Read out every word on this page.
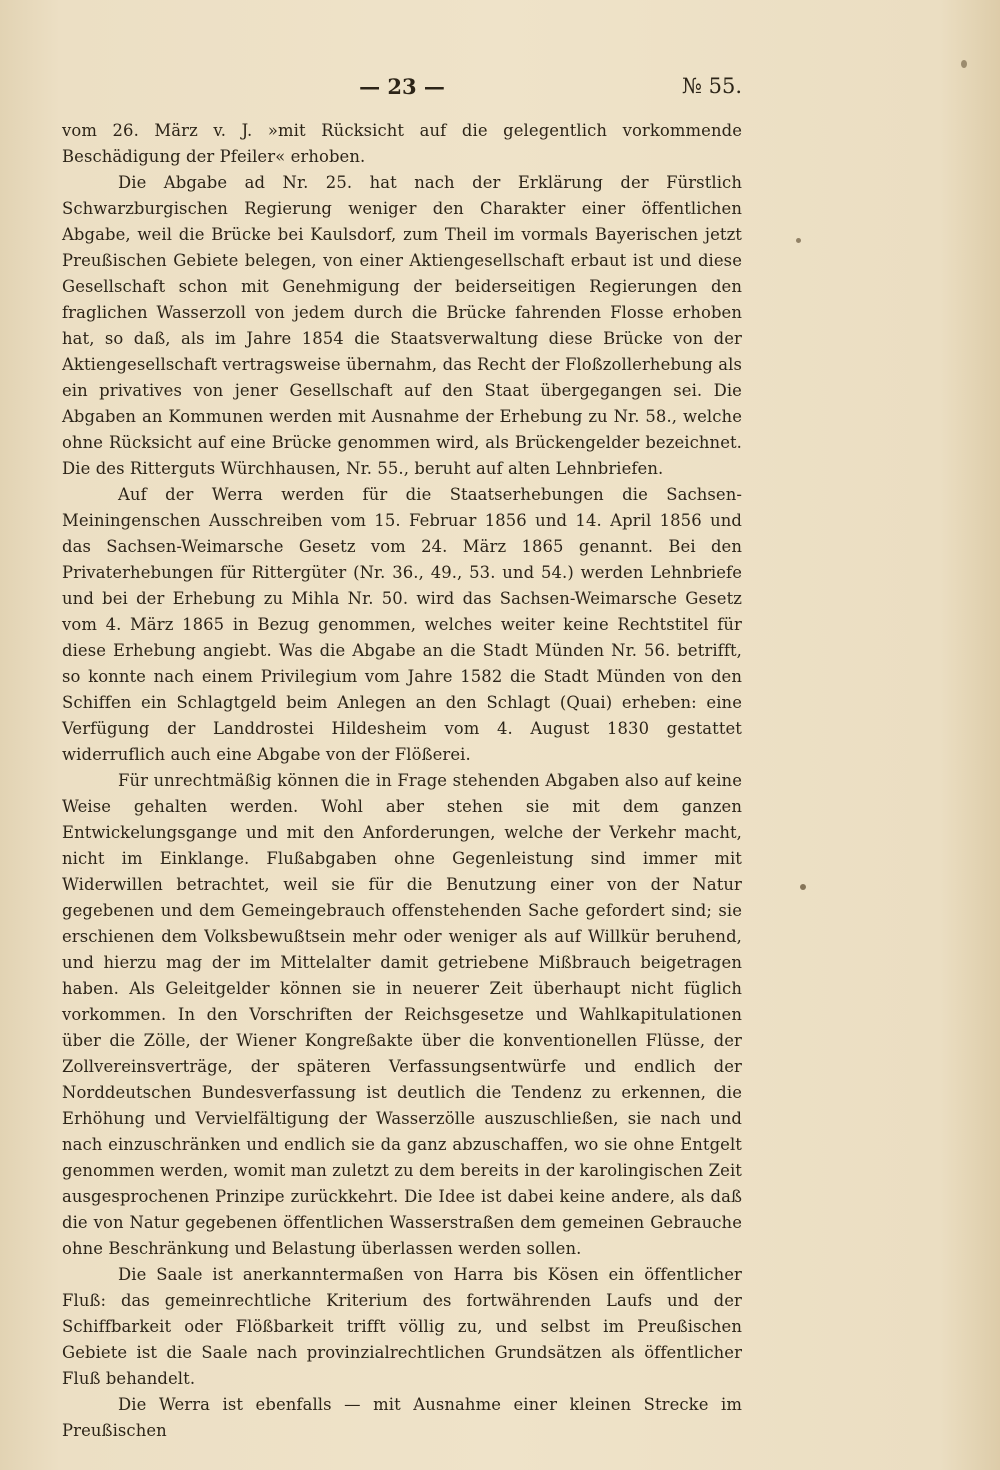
— 23 —	№ 55.

vom 26. März v. J. »mit Rücksicht auf die gelegentlich vorkommende Beschädigung der Pfeiler« erhoben.

Die Abgabe ad Nr. 25. hat nach der Erklärung der Fürstlich Schwarzburgischen Regierung weniger den Charakter einer öffentlichen Abgabe, weil die Brücke bei Kaulsdorf, zum Theil im vormals Bayerischen jetzt Preußischen Gebiete belegen, von einer Aktiengesellschaft erbaut ist und diese Gesellschaft schon mit Genehmigung der beiderseitigen Regierungen den fraglichen Wasserzoll von jedem durch die Brücke fahrenden Flosse erhoben hat, so daß, als im Jahre 1854 die Staatsverwaltung diese Brücke von der Aktiengesellschaft vertragsweise übernahm, das Recht der Floßzollerhebung als ein privatives von jener Gesellschaft auf den Staat übergegangen sei. Die Abgaben an Kommunen werden mit Ausnahme der Erhebung zu Nr. 58., welche ohne Rücksicht auf eine Brücke genommen wird, als Brückengelder bezeichnet. Die des Ritterguts Würchhausen, Nr. 55., beruht auf alten Lehnbriefen.

Auf der Werra werden für die Staatserhebungen die Sachsen-Meiningenschen Ausschreiben vom 15. Februar 1856 und 14. April 1856 und das Sachsen-Weimarsche Gesetz vom 24. März 1865 genannt. Bei den Privaterhebungen für Rittergüter (Nr. 36., 49., 53. und 54.) werden Lehnbriefe und bei der Erhebung zu Mihla Nr. 50. wird das Sachsen-Weimarsche Gesetz vom 4. März 1865 in Bezug genommen, welches weiter keine Rechtstitel für diese Erhebung angiebt. Was die Abgabe an die Stadt Münden Nr. 56. betrifft, so konnte nach einem Privilegium vom Jahre 1582 die Stadt Münden von den Schiffen ein Schlagtgeld beim Anlegen an den Schlagt (Quai) erheben: eine Verfügung der Landdrostei Hildesheim vom 4. August 1830 gestattet widerruflich auch eine Abgabe von der Flößerei.

Für unrechtmäßig können die in Frage stehenden Abgaben also auf keine Weise gehalten werden. Wohl aber stehen sie mit dem ganzen Entwickelungsgange und mit den Anforderungen, welche der Verkehr macht, nicht im Einklange. Flußabgaben ohne Gegenleistung sind immer mit Widerwillen betrachtet, weil sie für die Benutzung einer von der Natur gegebenen und dem Gemeingebrauch offenstehenden Sache gefordert sind; sie erschienen dem Volksbewußtsein mehr oder weniger als auf Willkür beruhend, und hierzu mag der im Mittelalter damit getriebene Mißbrauch beigetragen haben. Als Geleitgelder können sie in neuerer Zeit überhaupt nicht füglich vorkommen. In den Vorschriften der Reichsgesetze und Wahlkapitulationen über die Zölle, der Wiener Kongreßakte über die konventionellen Flüsse, der Zollvereinsverträge, der späteren Verfassungsentwürfe und endlich der Norddeutschen Bundesverfassung ist deutlich die Tendenz zu erkennen, die Erhöhung und Vervielfältigung der Wasserzölle auszuschließen, sie nach und nach einzuschränken und endlich sie da ganz abzuschaffen, wo sie ohne Entgelt genommen werden, womit man zuletzt zu dem bereits in der karolingischen Zeit ausgesprochenen Prinzipe zurückkehrt. Die Idee ist dabei keine andere, als daß die von Natur gegebenen öffentlichen Wasserstraßen dem gemeinen Gebrauche ohne Beschränkung und Belastung überlassen werden sollen.

Die Saale ist anerkanntermaßen von Harra bis Kösen ein öffentlicher Fluß: das gemeinrechtliche Kriterium des fortwährenden Laufs und der Schiffbarkeit oder Flößbarkeit trifft völlig zu, und selbst im Preußischen Gebiete ist die Saale nach provinzialrechtlichen Grundsätzen als öffentlicher Fluß behandelt.

Die Werra ist ebenfalls — mit Ausnahme einer kleinen Strecke im Preußischen
